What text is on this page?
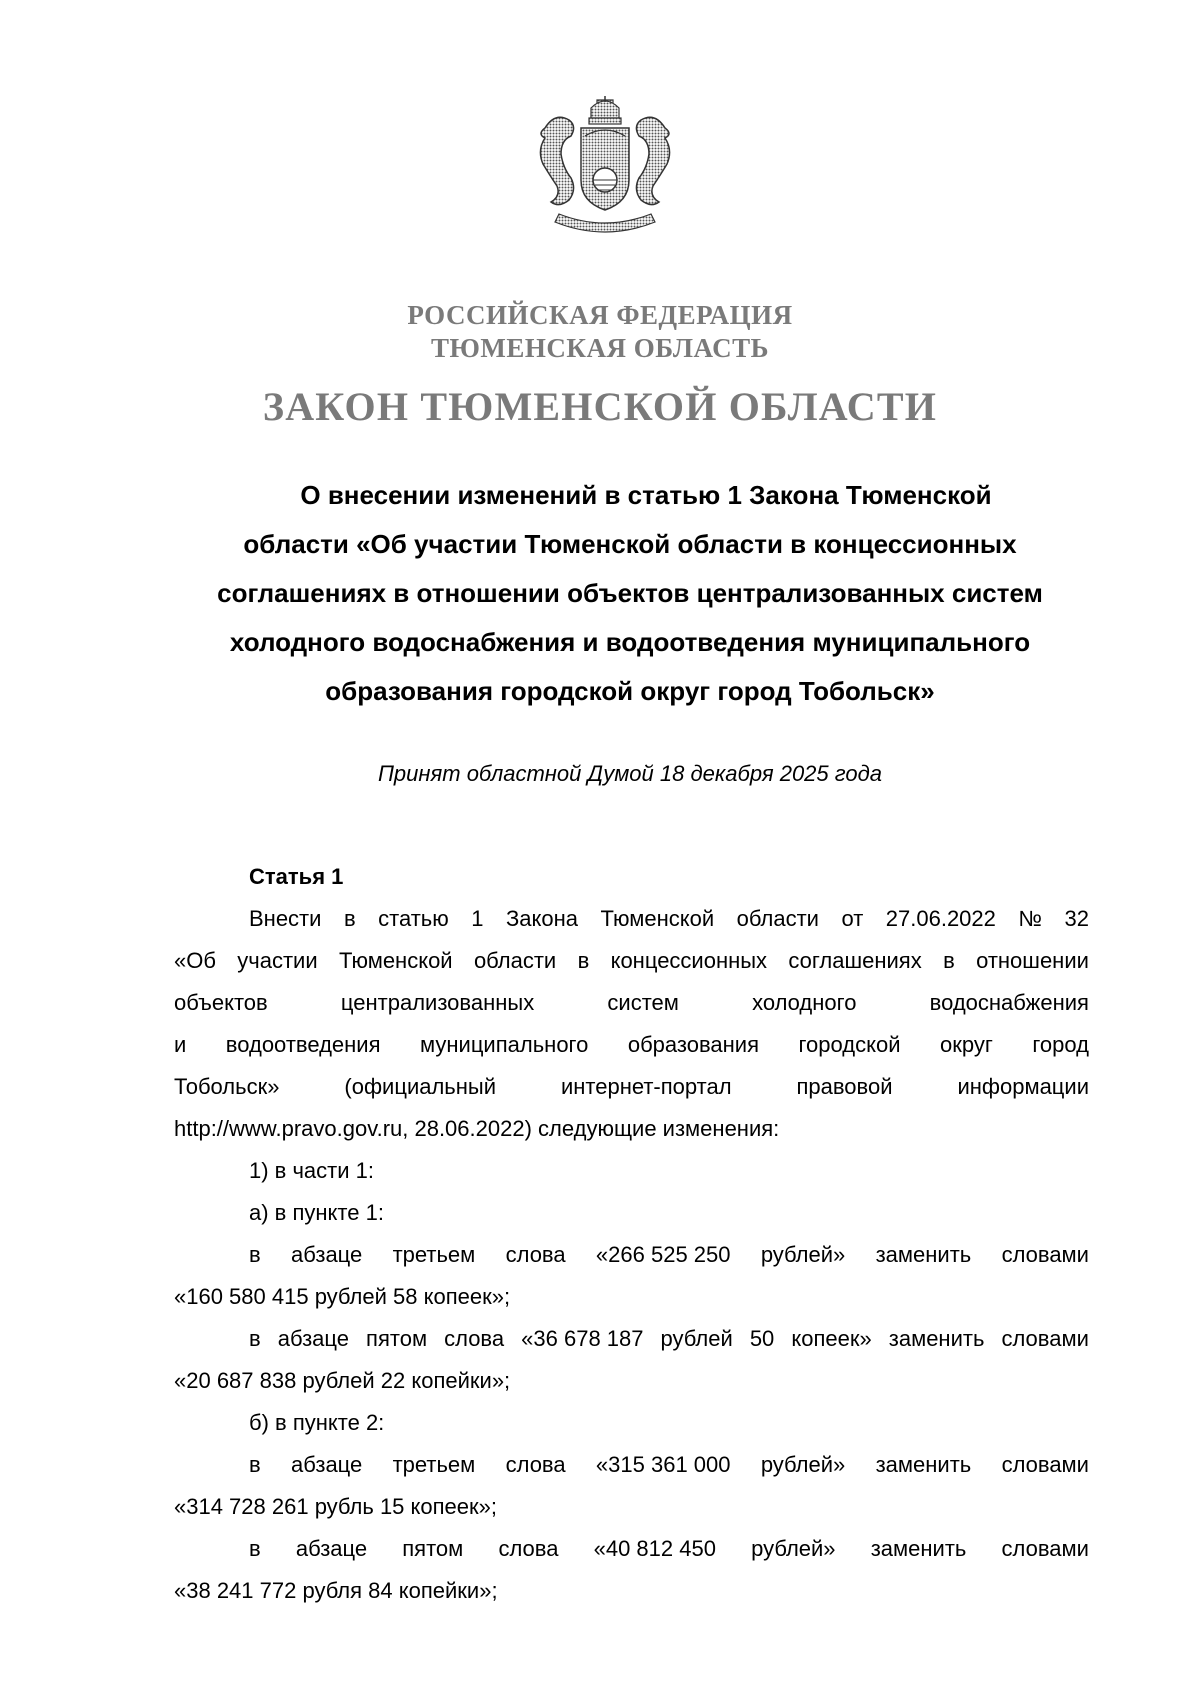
РОССИЙСКАЯ ФЕДЕРАЦИЯ
ТЮМЕНСКАЯ ОБЛАСТЬ
ЗАКОН ТЮМЕНСКОЙ ОБЛАСТИ
О внесении изменений в статью 1 Закона Тюменской
области «Об участии Тюменской области в концессионных
соглашениях в отношении объектов централизованных систем
холодного водоснабжения и водоотведения муниципального
образования городской округ город Тобольск»
Принят областной Думой 18 декабря 2025 года
Статья 1
Внести в статью 1 Закона Тюменской области от 27.06.2022 № 32
«Об участии Тюменской области в концессионных соглашениях в отношении
объектов	централизованных	систем	холодного	водоснабжения
и водоотведения муниципального образования городской округ город
Тобольск»	(официальный	интернет-портал	правовой	информации
http://www.pravo.gov.ru, 28.06.2022) следующие изменения:
1) в части 1:
а) в пункте 1:
в абзаце третьем слова «266 525 250 рублей» заменить словами
«160 580 415 рублей 58 копеек»;
в абзаце пятом слова «36 678 187 рублей 50 копеек» заменить словами
«20 687 838 рублей 22 копейки»;
б) в пункте 2:
в абзаце третьем слова «315 361 000 рублей» заменить словами
«314 728 261 рубль 15 копеек»;
в абзаце пятом слова «40 812 450 рублей» заменить словами
«38 241 772 рубля 84 копейки»;
